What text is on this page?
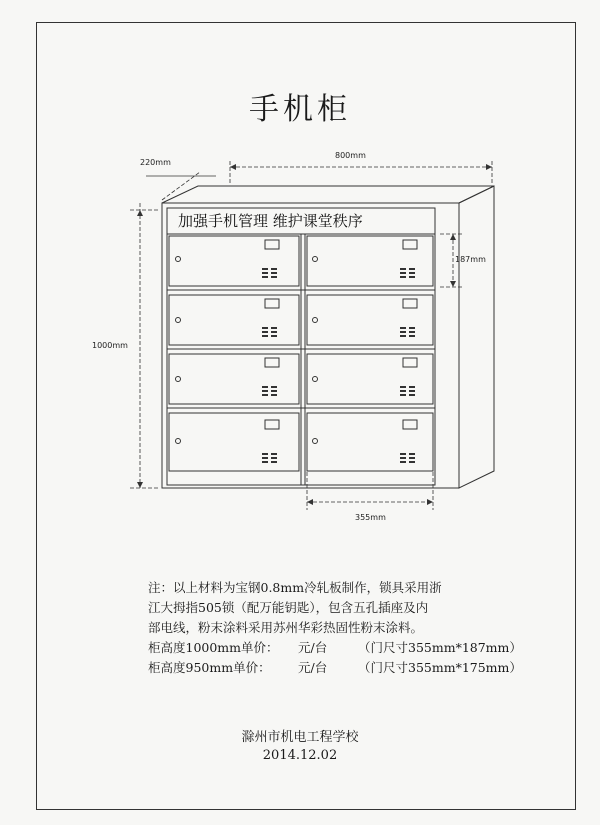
手机柜
加强手机管理 维护课堂秩序
220mm
800mm
1000mm
187mm
355mm

注：以上材料为宝钢0.8mm冷轧板制作，锁具采用浙

江大拇指505锁（配万能钥匙），包含五孔插座及内

部电线，粉末涂料采用苏州华彩热固性粉末涂料。

柜高度1000mm单价：	元/台	（门尺寸355mm*187mm）
柜高度950mm单价：	元/台	（门尺寸355mm*175mm）
滁州市机电工程学校
2014.12.02
